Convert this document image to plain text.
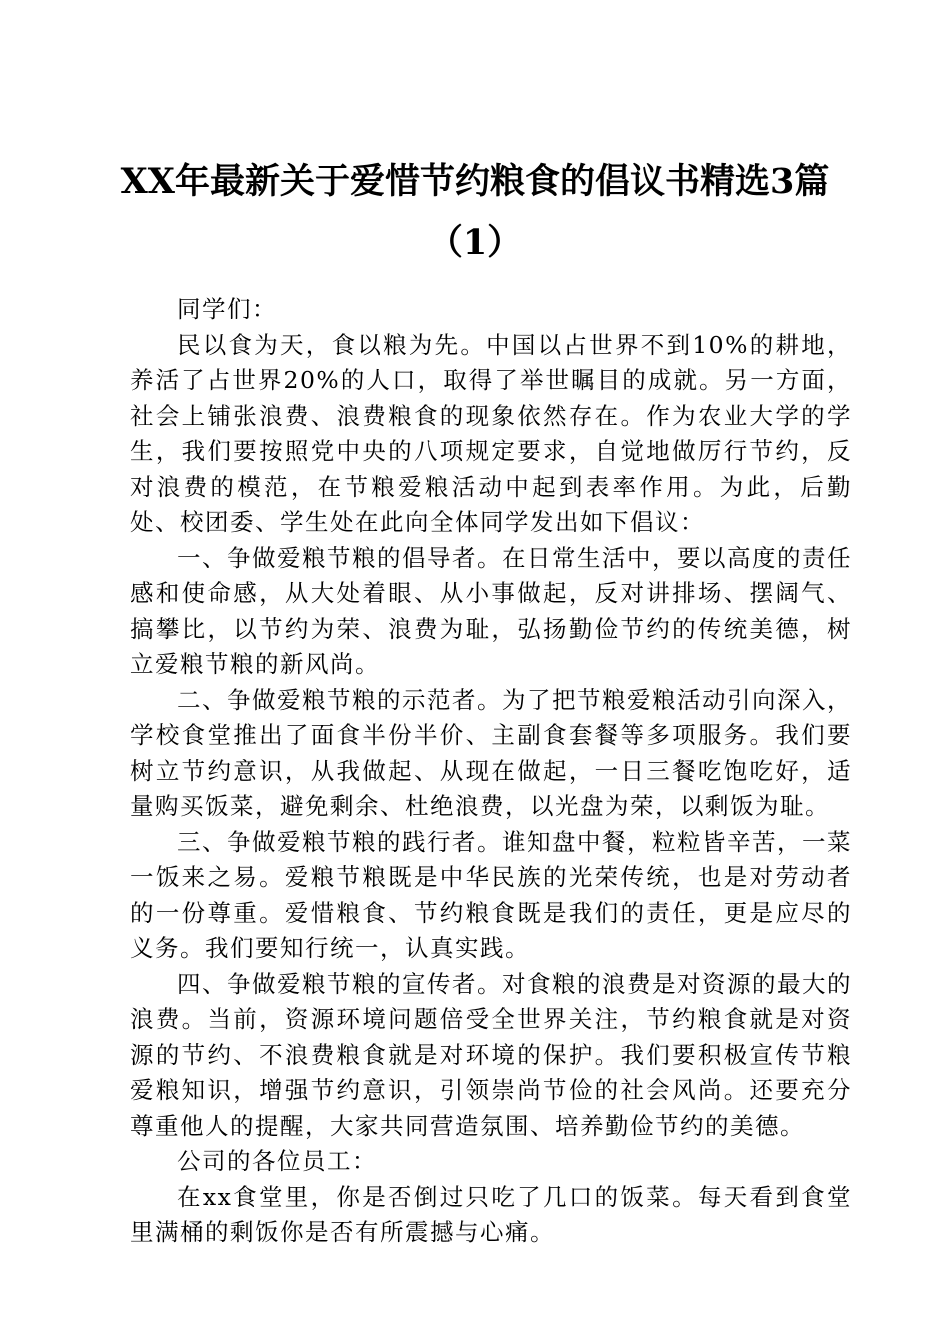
XX年最新关于爱惜节约粮食的倡议书精选3篇
（1）

同学们：

民以食为天，食以粮为先。中国以占世界不到10%的耕地，养活了占世界20%的人口，取得了举世瞩目的成就。另一方面，社会上铺张浪费、浪费粮食的现象依然存在。作为农业大学的学生，我们要按照党中央的八项规定要求，自觉地做厉行节约，反对浪费的模范，在节粮爱粮活动中起到表率作用。为此，后勤处、校团委、学生处在此向全体同学发出如下倡议：

一、争做爱粮节粮的倡导者。在日常生活中，要以高度的责任感和使命感，从大处着眼、从小事做起，反对讲排场、摆阔气、搞攀比，以节约为荣、浪费为耻，弘扬勤俭节约的传统美德，树立爱粮节粮的新风尚。

二、争做爱粮节粮的示范者。为了把节粮爱粮活动引向深入，学校食堂推出了面食半份半价、主副食套餐等多项服务。我们要树立节约意识，从我做起、从现在做起，一日三餐吃饱吃好，适量购买饭菜，避免剩余、杜绝浪费，以光盘为荣，以剩饭为耻。

三、争做爱粮节粮的践行者。谁知盘中餐，粒粒皆辛苦，一菜一饭来之易。爱粮节粮既是中华民族的光荣传统，也是对劳动者的一份尊重。爱惜粮食、节约粮食既是我们的责任，更是应尽的义务。我们要知行统一，认真实践。

四、争做爱粮节粮的宣传者。对食粮的浪费是对资源的最大的浪费。当前，资源环境问题倍受全世界关注，节约粮食就是对资源的节约、不浪费粮食就是对环境的保护。我们要积极宣传节粮爱粮知识，增强节约意识，引领崇尚节俭的社会风尚。还要充分尊重他人的提醒，大家共同营造氛围、培养勤俭节约的美德。

公司的各位员工：

在xx食堂里，你是否倒过只吃了几口的饭菜。每天看到食堂里满桶的剩饭你是否有所震撼与心痛。
